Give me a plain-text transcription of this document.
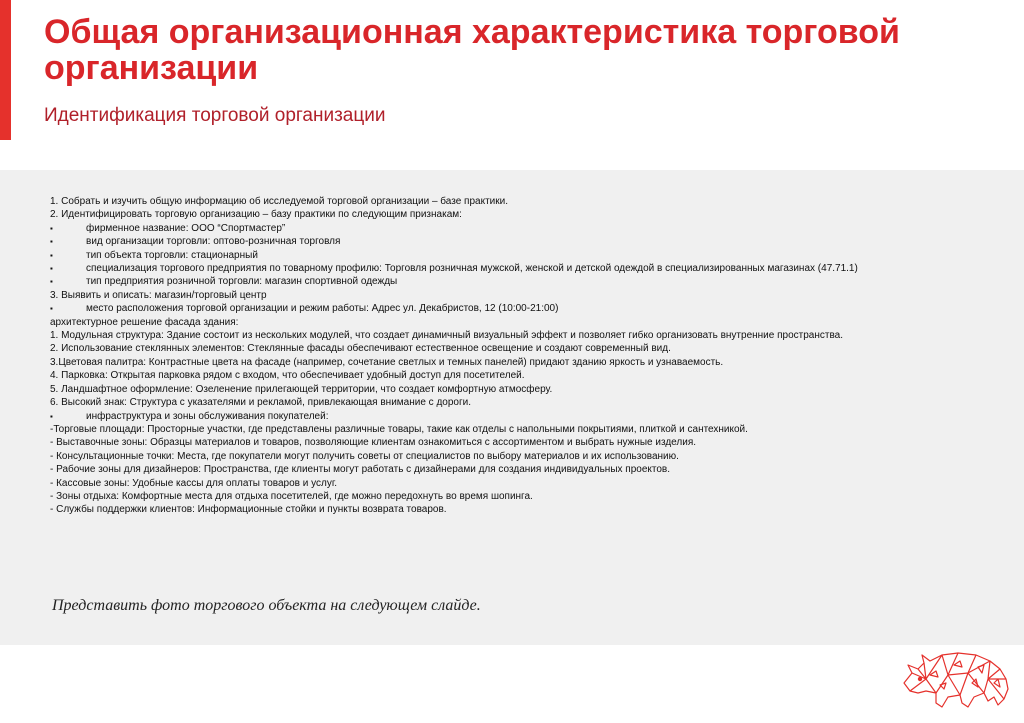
Общая организационная характеристика торговой организации
Идентификация торговой организации
1. Собрать и изучить общую информацию об исследуемой торговой организации – базе практики.
2. Идентифицировать торговую организацию – базу практики по следующим признакам:
▪	фирменное название: ООО “Спортмастер”
▪	вид организации торговли: оптово-розничная торговля
▪	тип объекта торговли: стационарный
▪	специализация торгового предприятия по товарному профилю: Торговля розничная мужской, женской и детской одеждой в специализированных магазинах (47.71.1)
▪	тип предприятия розничной торговли: магазин спортивной одежды
3. Выявить и описать: магазин/торговый центр
▪	место расположения торговой организации и режим работы: Адрес ул. Декабристов, 12 (10:00-21:00)
архитектурное решение фасада здания:
1. Модульная структура: Здание состоит из нескольких модулей, что создает динамичный визуальный эффект и позволяет гибко организовать внутренние пространства.
2. Использование стеклянных элементов: Стеклянные фасады обеспечивают естественное освещение и создают современный вид.
3.Цветовая палитра: Контрастные цвета на фасаде (например, сочетание светлых и темных панелей) придают зданию яркость и узнаваемость.
4. Парковка: Открытая парковка рядом с входом, что обеспечивает удобный доступ для посетителей.
5. Ландшафтное оформление: Озеленение прилегающей территории, что создает комфортную атмосферу.
6. Высокий знак: Структура с указателями и рекламой, привлекающая внимание с дороги.
▪	инфраструктура и зоны обслуживания покупателей:
-Торговые площади: Просторные участки, где представлены различные товары, такие как отделы с напольными покрытиями, плиткой и сантехникой.
- Выставочные зоны: Образцы материалов и товаров, позволяющие клиентам ознакомиться с ассортиментом и выбрать нужные изделия.
- Консультационные точки: Места, где покупатели могут получить советы от специалистов по выбору материалов и их использованию.
- Рабочие зоны для дизайнеров: Пространства, где клиенты могут работать с дизайнерами для создания индивидуальных проектов.
- Кассовые зоны: Удобные кассы для оплаты товаров и услуг.
- Зоны отдыха: Комфортные места для отдыха посетителей, где можно передохнуть во время шопинга.
- Службы поддержки клиентов: Информационные стойки и пункты возврата товаров.
Представить фото торгового объекта на следующем слайде.
